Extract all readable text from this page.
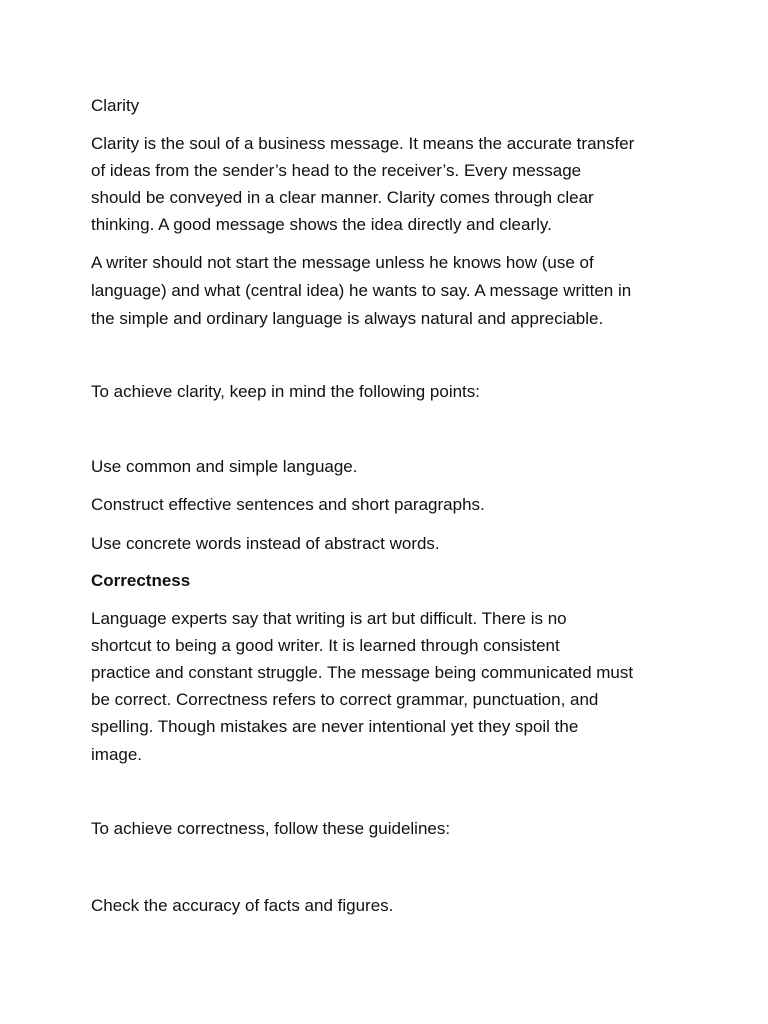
Clarity

Clarity is the soul of a business message. It means the accurate transfer

of ideas from the sender’s head to the receiver’s. Every message

should be conveyed in a clear manner. Clarity comes through clear

thinking. A good message shows the idea directly and clearly.

A writer should not start the message unless he knows how (use of

language) and what (central idea) he wants to say. A message written in

the simple and ordinary language is always natural and appreciable.

To achieve clarity, keep in mind the following points:

Use common and simple language.

Construct effective sentences and short paragraphs.

Use concrete words instead of abstract words.

Correctness

Language experts say that writing is art but difficult. There is no

shortcut to being a good writer. It is learned through consistent

practice and constant struggle. The message being communicated must

be correct. Correctness refers to correct grammar, punctuation, and

spelling. Though mistakes are never intentional yet they spoil the

image.

To achieve correctness, follow these guidelines:

Check the accuracy of facts and figures.
